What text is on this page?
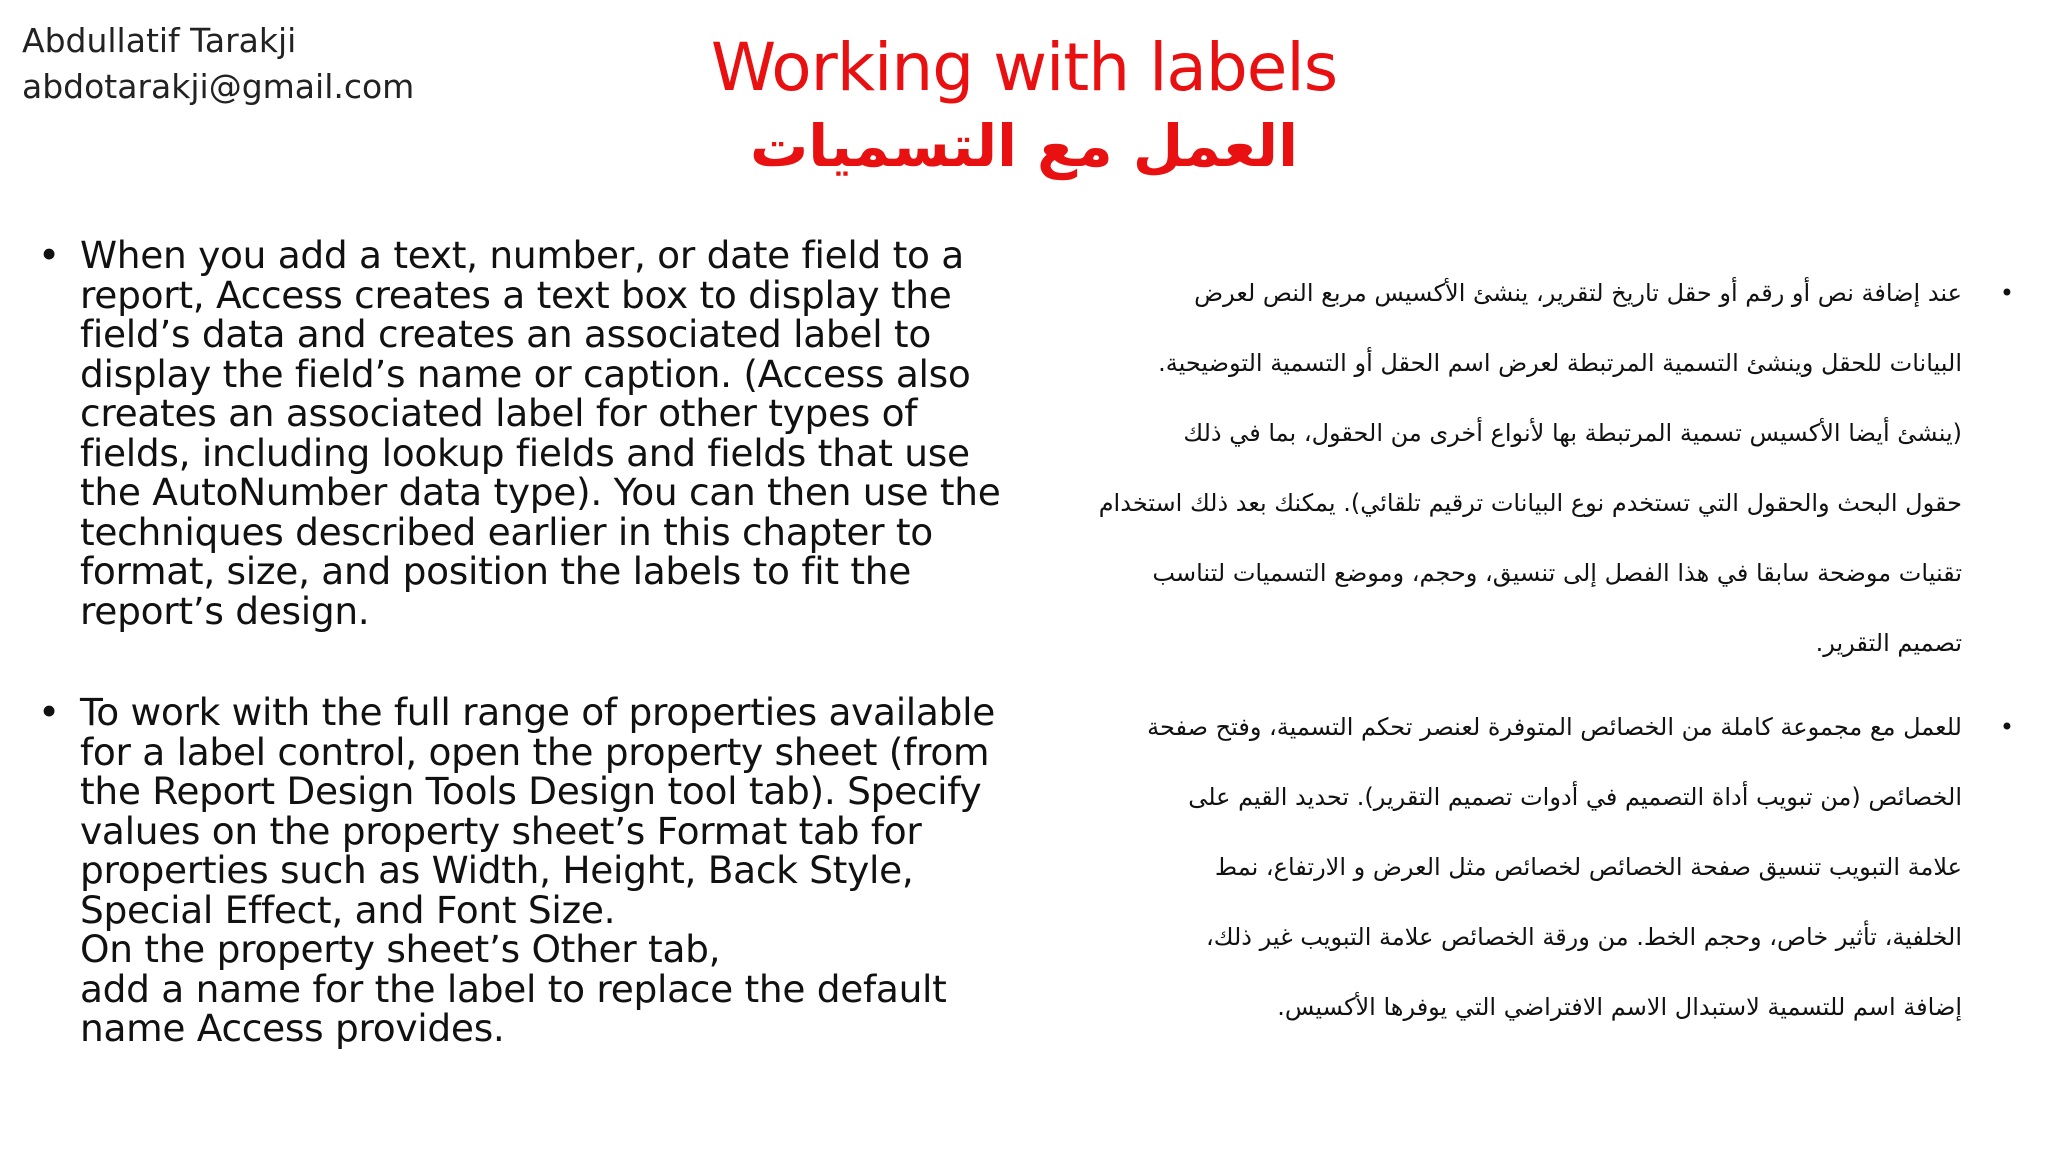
Abdullatif Tarakji
abdotarakji@gmail.com	Working with labels
العمل مع التسميات
• When you add a text, number, or date field to a report, Access creates a text box to display the field’s data and creates an associated label to display the field’s name or caption. (Access also creates an associated label for other types of fields, including lookup fields and fields that use the AutoNumber data type). You can then use the techniques described earlier in this chapter to format, size, and position the labels to fit the report’s design.
• To work with the full range of properties available for a label control, open the property sheet (from the Report Design Tools Design tool tab). Specify values on the property sheet’s Format tab for properties such as Width, Height, Back Style, Special Effect, and Font Size.
On the property sheet’s Other tab,
add a name for the label to replace the default name Access provides.
•
عند إضافة نص أو رقم أو حقل تاريخ لتقرير، ينشئ الأكسيس مربع النص لعرض
البيانات للحقل وينشئ التسمية المرتبطة لعرض اسم الحقل أو التسمية التوضيحية.
(ينشئ أيضا الأكسيس تسمية المرتبطة بها لأنواع أخرى من الحقول، بما في ذلك
حقول البحث والحقول التي تستخدم نوع البيانات ترقيم تلقائي). يمكنك بعد ذلك استخدام
تقنيات موضحة سابقا في هذا الفصل إلى تنسيق، وحجم، وموضع التسميات لتناسب
تصميم التقرير.
•
للعمل مع مجموعة كاملة من الخصائص المتوفرة لعنصر تحكم التسمية، وفتح صفحة
الخصائص (من تبويب أداة التصميم في أدوات تصميم التقرير). تحديد القيم على
علامة التبويب تنسيق صفحة الخصائص لخصائص مثل العرض و الارتفاع، نمط
الخلفية، تأثير خاص، وحجم الخط. من ورقة الخصائص علامة التبويب غير ذلك،
إضافة اسم للتسمية لاستبدال الاسم الافتراضي التي يوفرها الأكسيس.
